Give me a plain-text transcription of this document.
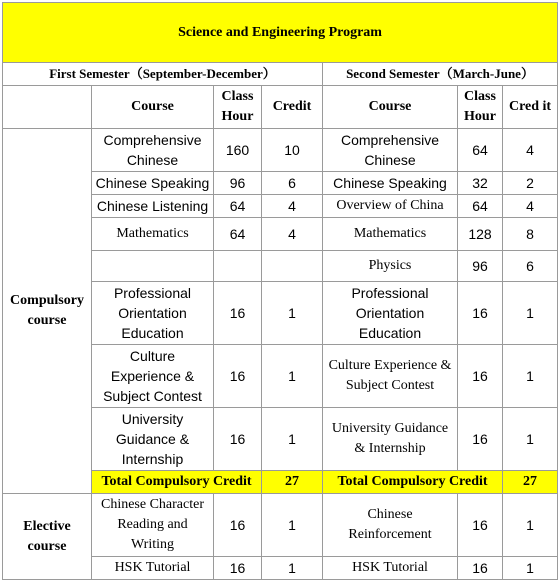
Science and Engineering Program						
First Semester（September-December）				Second Semester（March-June）		
	Course	Class Hour	Credit	Course	Class Hour	Cred it
Compulsory course	Comprehensive Chinese	160	10	Comprehensive Chinese	64	4
	Chinese Speaking	96	6	Chinese Speaking	32	2
	Chinese Listening	64	4	Overview of China	64	4
	Mathematics	64	4	Mathematics	128	8
				Physics	96	6
	Professional Orientation Education	16	1	Professional Orientation Education	16	1
	Culture Experience & Subject Contest	16	1	Culture Experience & Subject Contest	16	1
	University Guidance & Internship	16	1	University Guidance & Internship	16	1
	Total Compulsory Credit		27	Total Compulsory Credit		27
Elective course	Chinese Character Reading and Writing	16	1	Chinese Reinforcement	16	1
	HSK Tutorial	16	1	HSK Tutorial	16	1
